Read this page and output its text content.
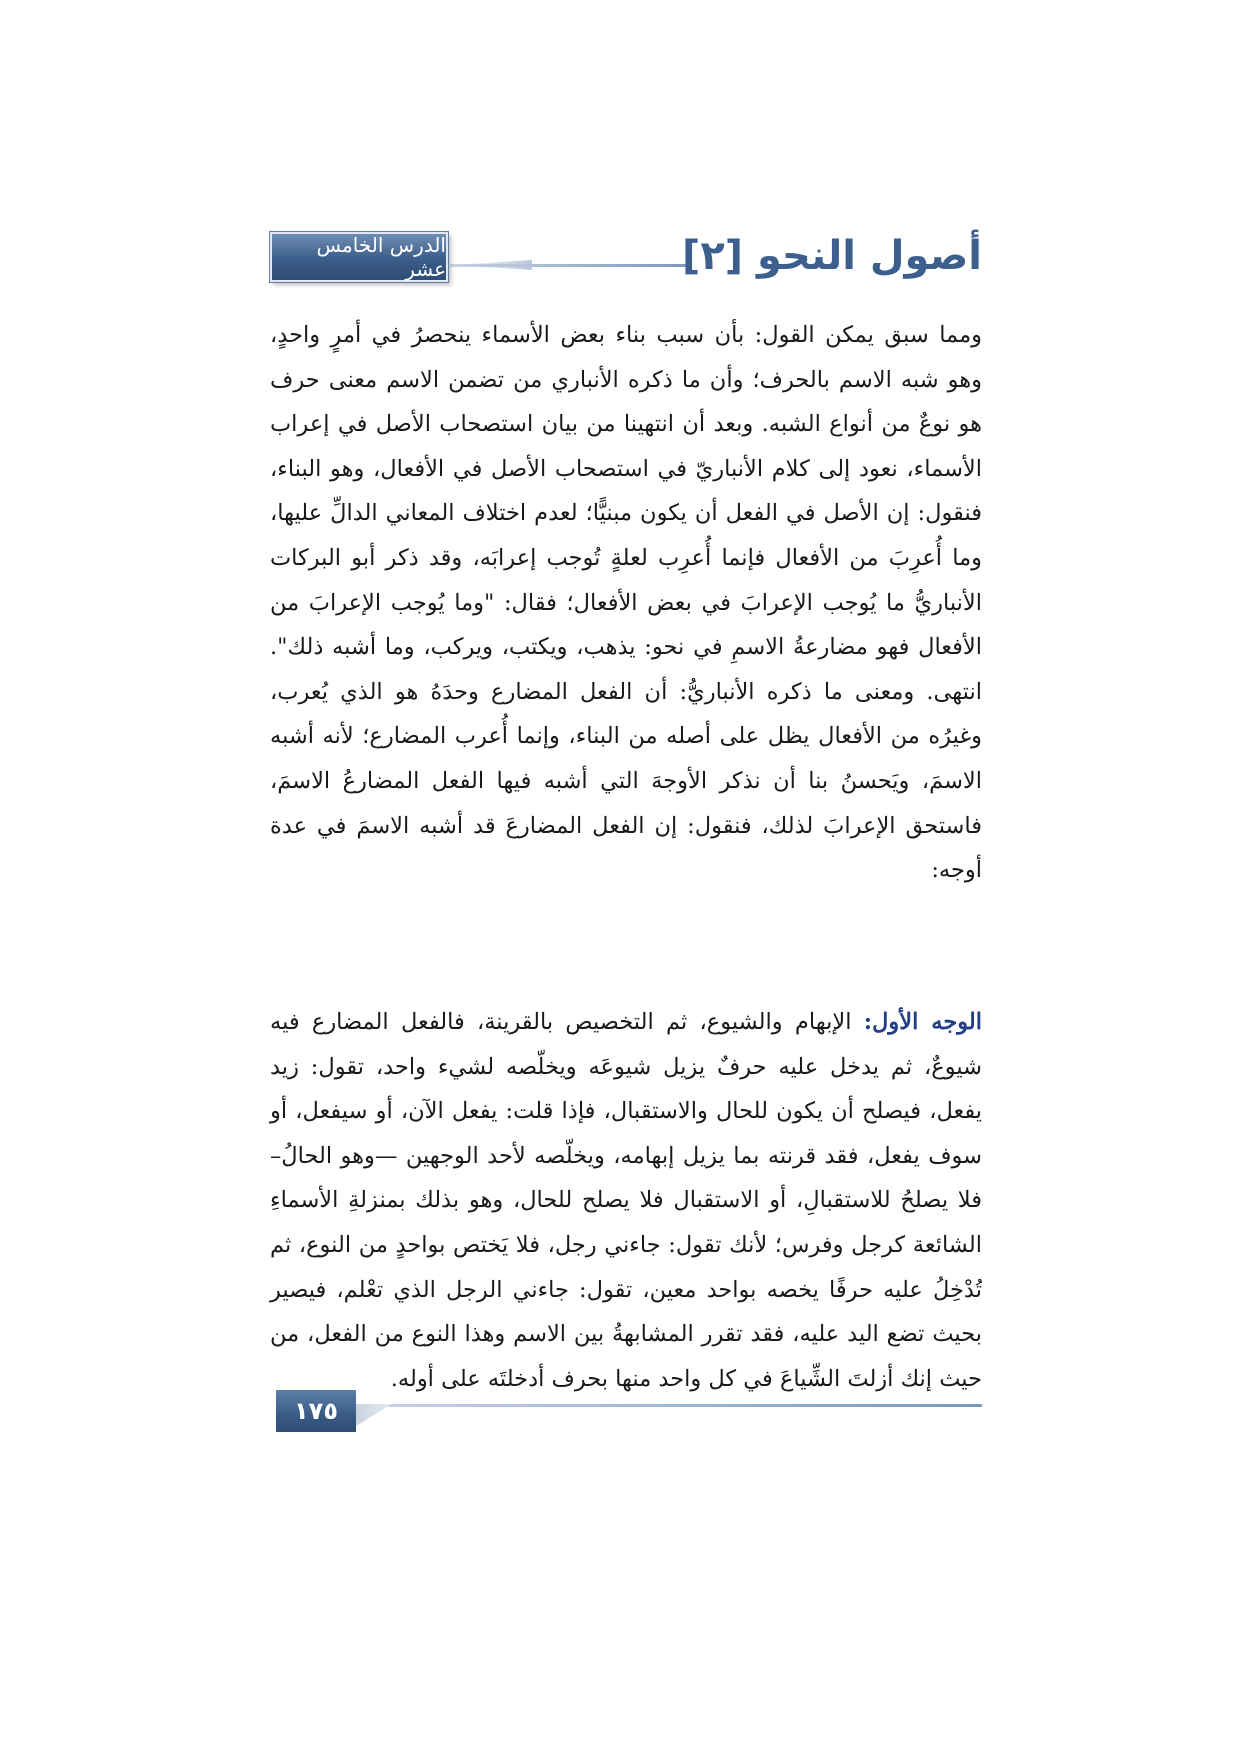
الدرس الخامس عشر	أصول النحو [٢]
ومما سبق يمكن القول: بأن سبب بناء بعض الأسماء ينحصرُ في أمرٍ واحدٍ، وهو شبه الاسم بالحرف؛ وأن ما ذكره الأنباري من تضمن الاسم معنى حرف هو نوعٌ من أنواع الشبه. وبعد أن انتهينا من بيان استصحاب الأصل في إعراب الأسماء، نعود إلى كلام الأنباريّ في استصحاب الأصل في الأفعال، وهو البناء، فنقول: إن الأصل في الفعل أن يكون مبنيًّا؛ لعدم اختلاف المعاني الدالِّ عليها، وما أُعرِبَ من الأفعال فإنما أُعرِب لعلةٍ تُوجب إعرابَه، وقد ذكر أبو البركات الأنباريُّ ما يُوجب الإعرابَ في بعض الأفعال؛ فقال: "وما يُوجب الإعرابَ من الأفعال فهو مضارعةُ الاسمِ في نحو: يذهب، ويكتب، ويركب، وما أشبه ذلك". انتهى. ومعنى ما ذكره الأنباريُّ: أن الفعل المضارع وحدَهُ هو الذي يُعرب، وغيرُه من الأفعال يظل على أصله من البناء، وإنما أُعرب المضارع؛ لأنه أشبه الاسمَ، ويَحسنُ بنا أن نذكر الأوجهَ التي أشبه فيها الفعل المضارعُ الاسمَ، فاستحق الإعرابَ لذلك، فنقول: إن الفعل المضارعَ قد أشبه الاسمَ في عدة أوجه:
الوجه الأول: الإبهام والشيوع، ثم التخصيص بالقرينة، فالفعل المضارع فيه شيوعٌ، ثم يدخل عليه حرفٌ يزيل شيوعَه ويخلّصه لشيء واحد، تقول: زيد يفعل، فيصلح أن يكون للحال والاستقبال، فإذا قلت: يفعل الآن، أو سيفعل، أو سوف يفعل، فقد قرنته بما يزيل إبهامه، ويخلّصه لأحد الوجهين —وهو الحالُ– فلا يصلحُ للاستقبالِ، أو الاستقبال فلا يصلح للحال، وهو بذلك بمنزلةِ الأسماءِ الشائعة كرجل وفرس؛ لأنك تقول: جاءني رجل، فلا يَختص بواحدٍ من النوع، ثم تُدْخِلُ عليه حرفًا يخصه بواحد معين، تقول: جاءني الرجل الذي تعْلم، فيصير بحيث تضع اليد عليه، فقد تقرر المشابهةُ بين الاسم وهذا النوع من الفعل، من حيث إنك أزلتَ الشِّياعَ في كل واحد منها بحرف أدخلتَه على أوله.
١٧٥
